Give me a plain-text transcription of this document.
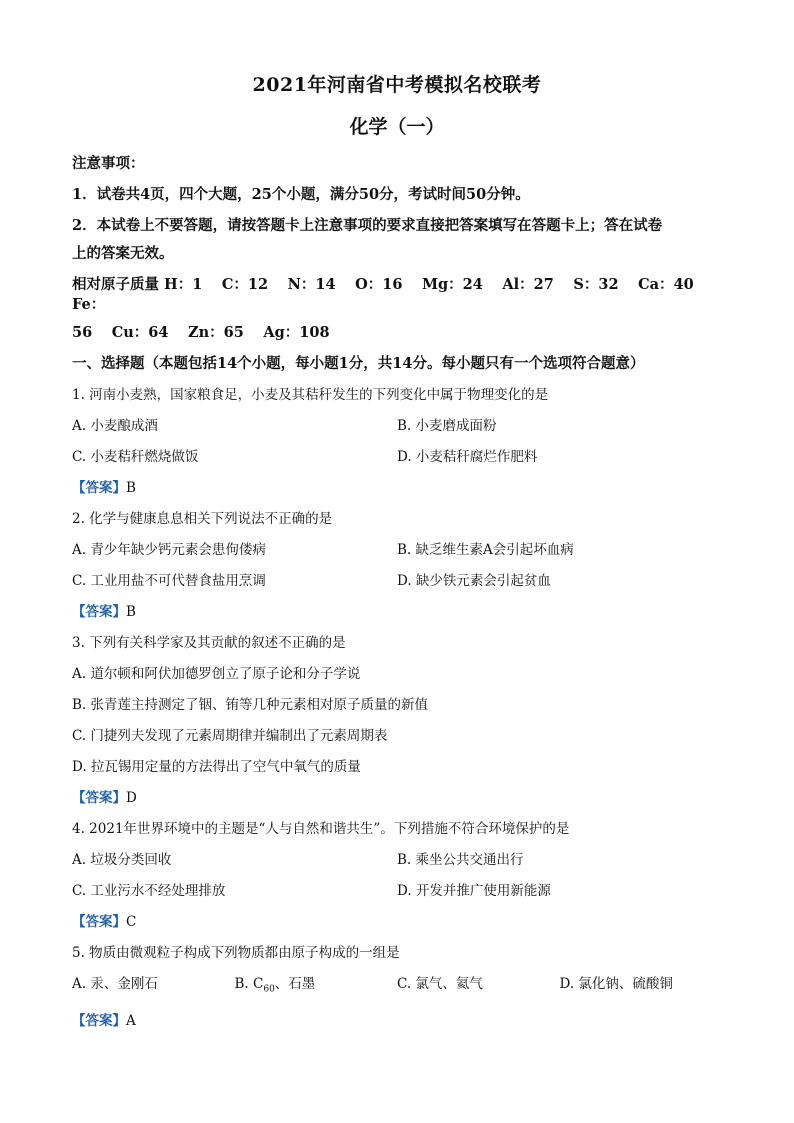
2021年河南省中考模拟名校联考
化学（一）
注意事项：
1．试卷共4页，四个大题，25个小题，满分50分，考试时间50分钟。
2．本试卷上不要答题，请按答题卡上注意事项的要求直接把答案填写在答题卡上；答在试卷
上的答案无效。
相对原子质量 H：1　 C：12　 N：14　 O：16　 Mg：24　 Al：27　 S：32　 Ca：40　 Fe：
56　 Cu：64　 Zn：65　 Ag：108
一、选择题（本题包括14个小题，每小题1分，共14分。每小题只有一个选项符合题意）
1. 河南小麦熟，国家粮食足，小麦及其秸秆发生的下列变化中属于物理变化的是
A. 小麦酿成酒	B. 小麦磨成面粉
C. 小麦秸秆燃烧做饭	D. 小麦秸秆腐烂作肥料
【答案】B
2. 化学与健康息息相关下列说法不正确的是
A. 青少年缺少钙元素会患佝偻病	B. 缺乏维生素A会引起坏血病
C. 工业用盐不可代替食盐用烹调	D. 缺少铁元素会引起贫血
【答案】B
3. 下列有关科学家及其贡献的叙述不正确的是
A. 道尔顿和阿伏加德罗创立了原子论和分子学说
B. 张青莲主持测定了铟、铕等几种元素相对原子质量的新值
C. 门捷列夫发现了元素周期律并编制出了元素周期表
D. 拉瓦锡用定量的方法得出了空气中氧气的质量
【答案】D
4. 2021年世界环境中的主题是“人与自然和谐共生”。下列措施不符合环境保护的是
A. 垃圾分类回收	B. 乘坐公共交通出行
C. 工业污水不经处理排放	D. 开发并推广使用新能源
【答案】C
5. 物质由微观粒子构成下列物质都由原子构成的一组是
A. 汞、金刚石	B. $C_{60}$、石墨	C. 氯气、氦气	D. 氯化钠、硫酸铜
【答案】A
